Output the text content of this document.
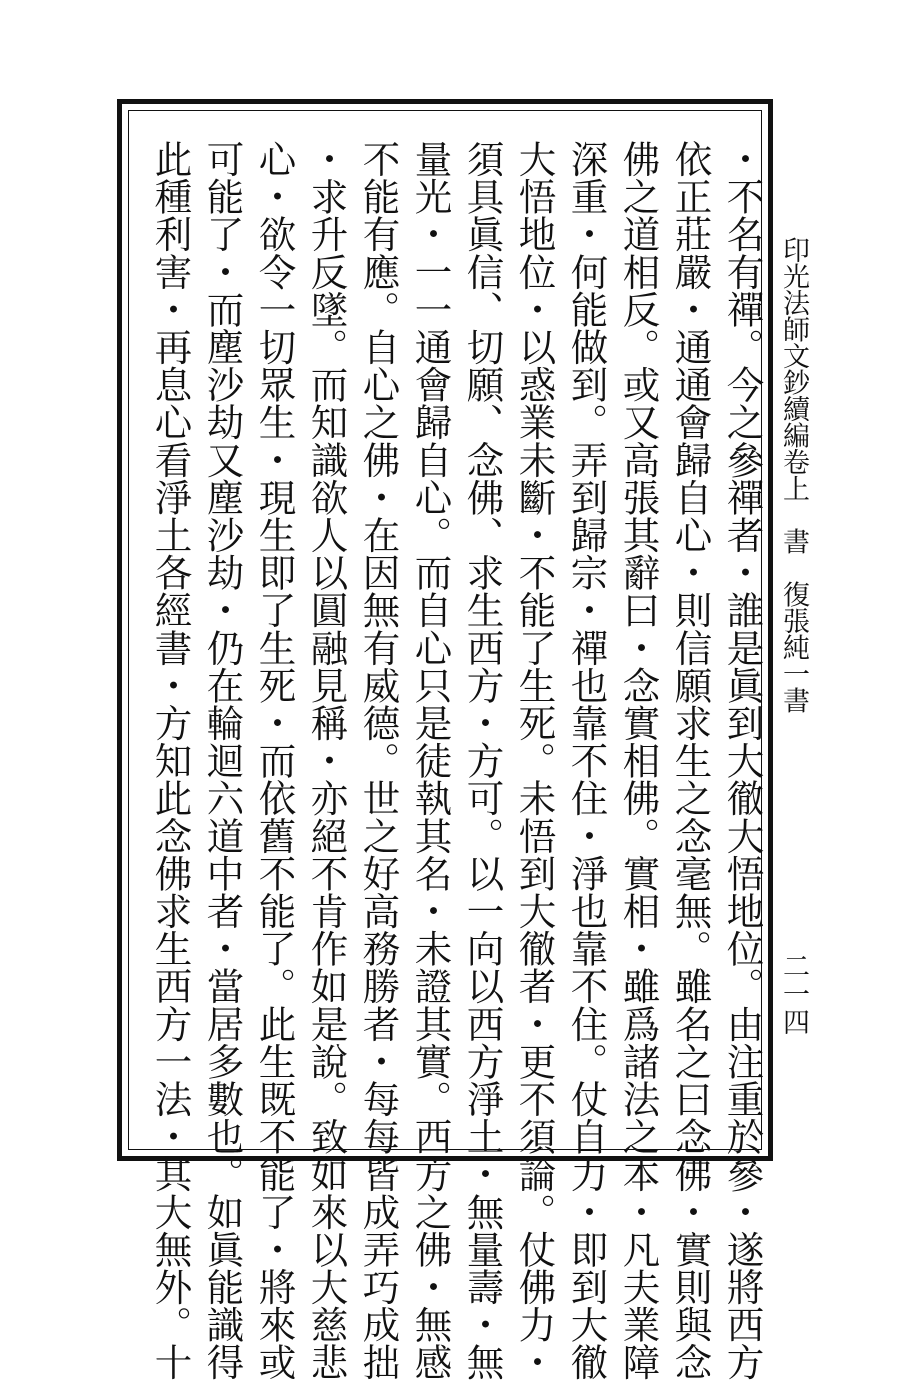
印光法師文鈔續編卷上　書　復張純一書
二一四
・不名有禪。今之參禪者・誰是眞到大徹大悟地位。由注重於參・遂將西方
依正莊嚴・通通會歸自心・則信願求生之念毫無。雖名之曰念佛・實則與念
佛之道相反。或又高張其辭曰・念實相佛。實相・雖爲諸法之本・凡夫業障
深重・何能做到。弄到歸宗・禪也靠不住・淨也靠不住。仗自力・即到大徹
大悟地位・以惑業未斷・不能了生死。未悟到大徹者・更不須論。仗佛力・
須具眞信、切願、念佛、求生西方・方可。以一向以西方淨土・無量壽・無
量光・一一通會歸自心。而自心只是徒執其名・未證其實。西方之佛・無感
不能有應。自心之佛・在因無有威德。世之好高務勝者・每每皆成弄巧成拙
・求升反墜。而知識欲人以圓融見稱・亦絕不肯作如是說。致如來以大慈悲
心・欲令一切眾生・現生即了生死・而依舊不能了。此生既不能了・將來或
可能了・而塵沙劫又塵沙劫・仍在輪迴六道中者・當居多數也。如眞能識得
此種利害・再息心看淨土各經書・方知此念佛求生西方一法・其大無外。十
